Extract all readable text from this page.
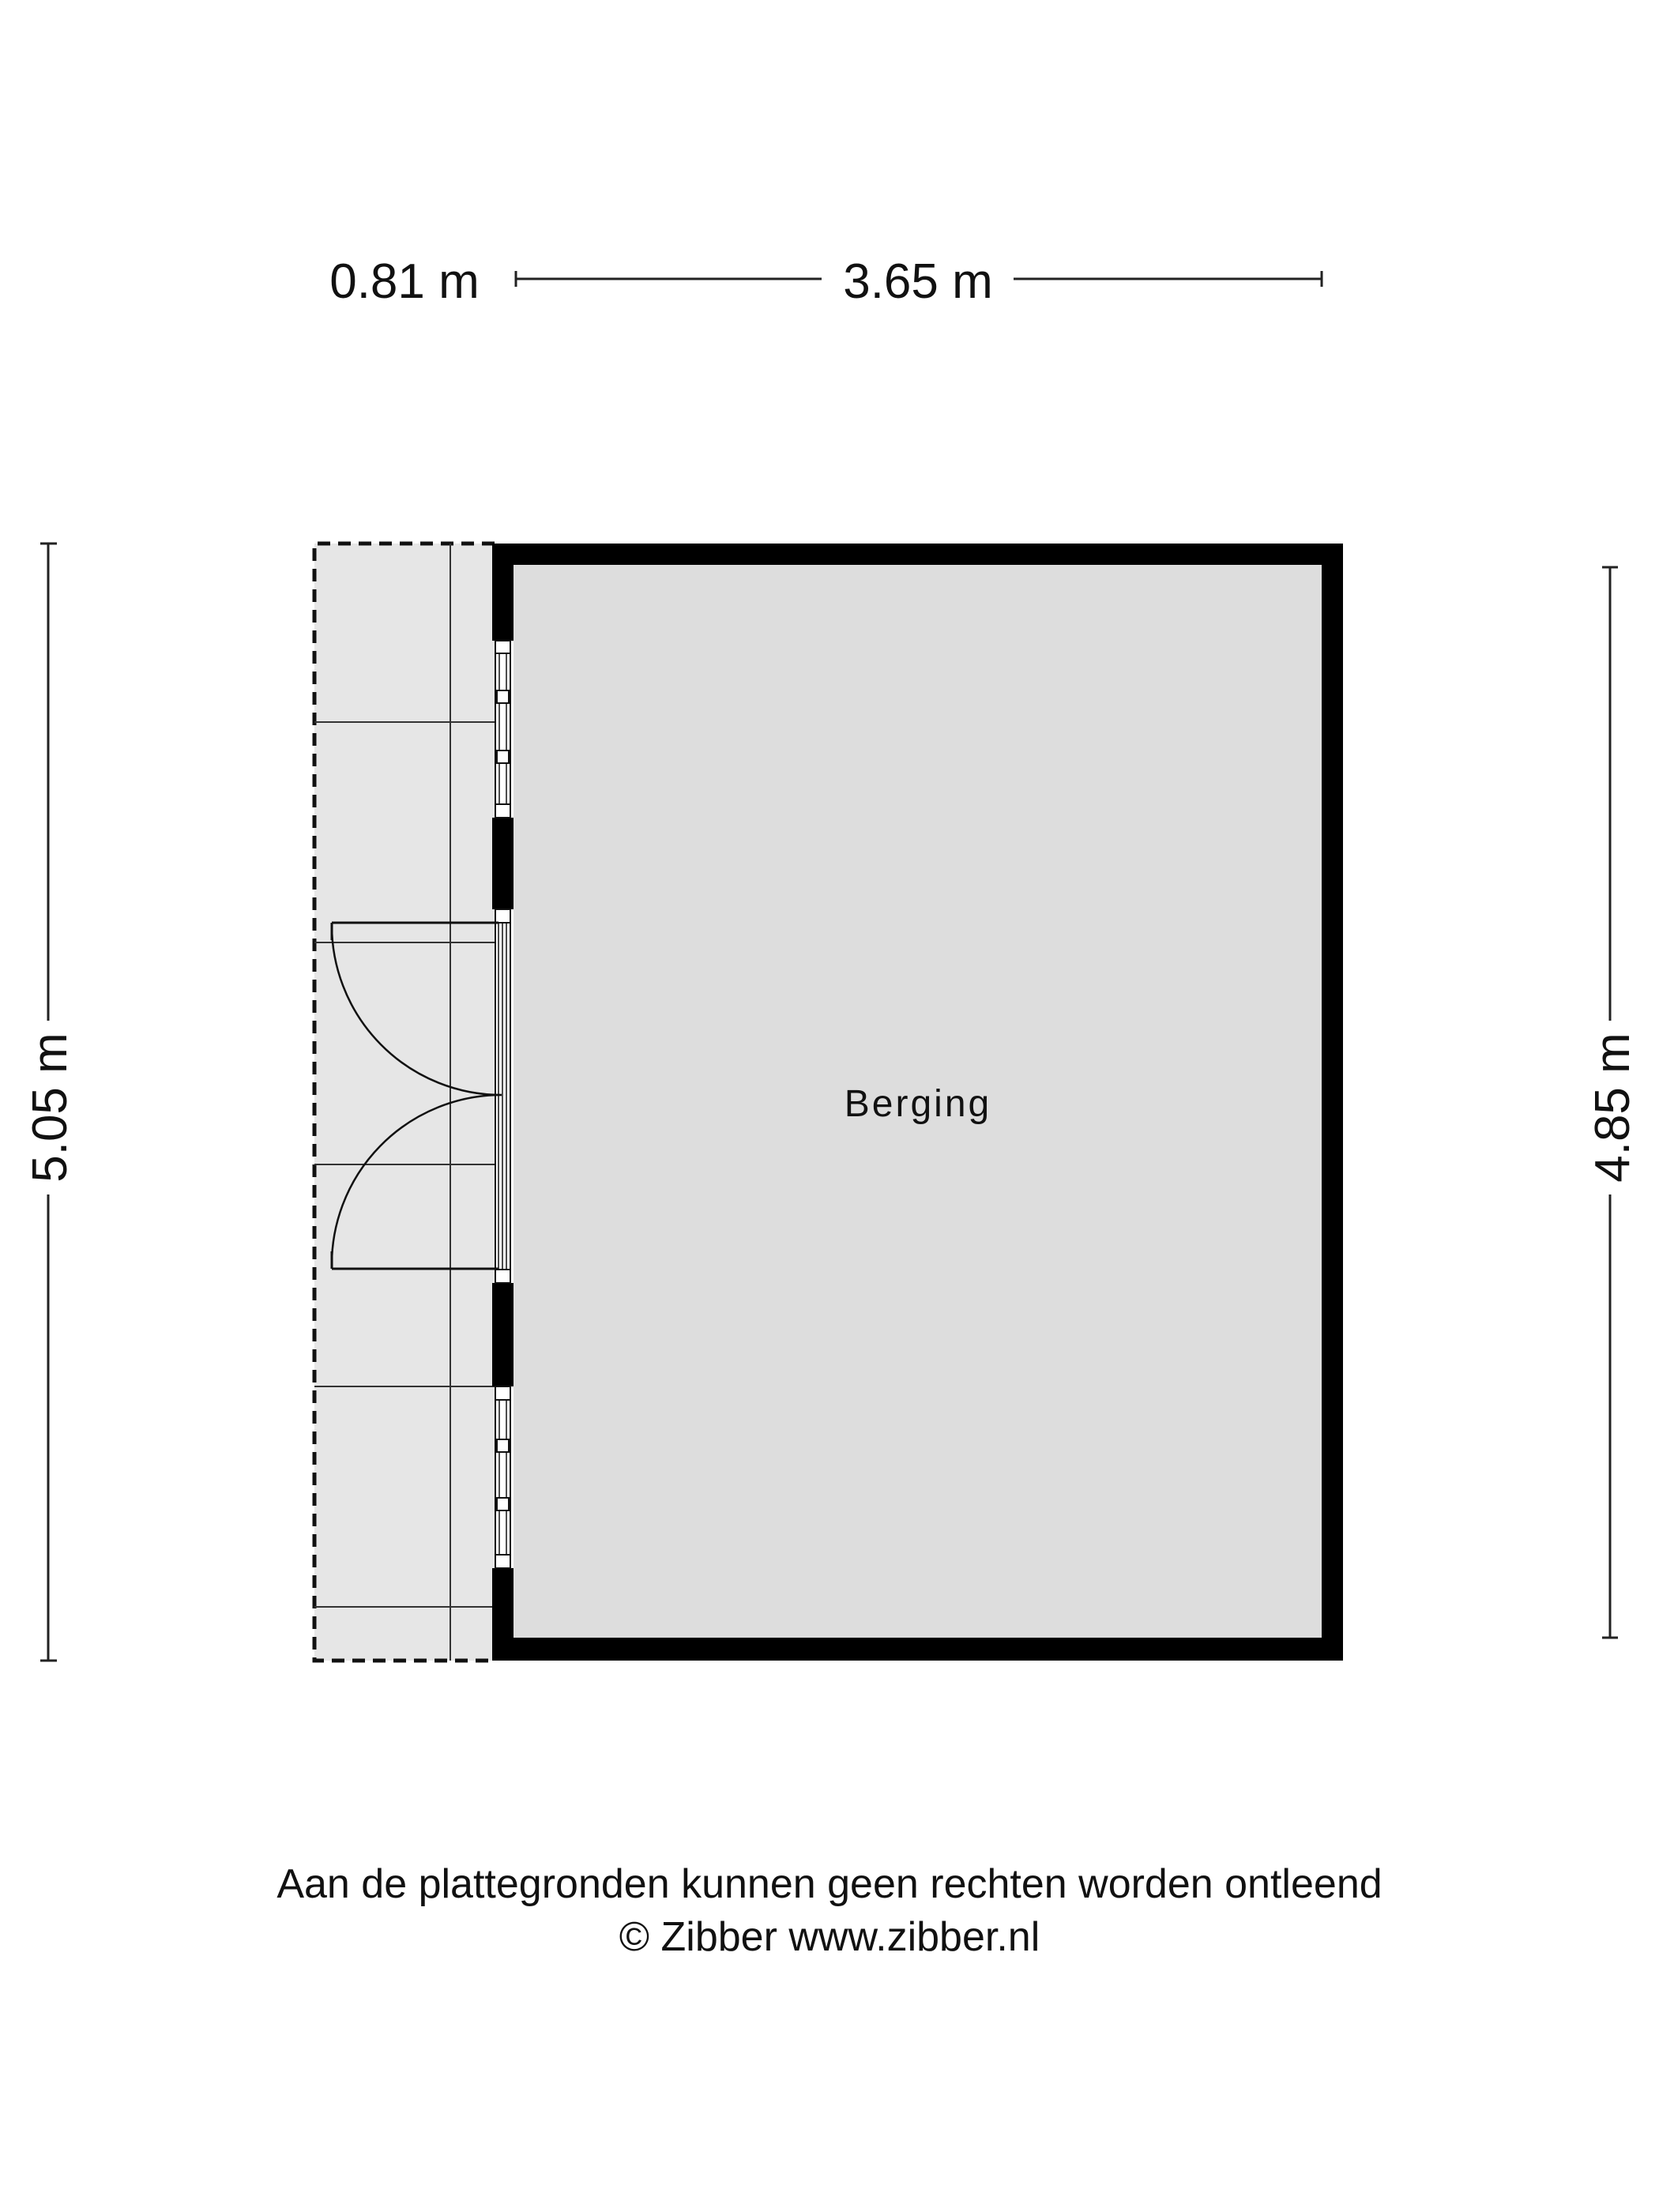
0.81 m	3.65 m
5.05 m	4.85 m
Berging
Aan de plattegronden kunnen geen rechten worden ontleend
© Zibber www.zibber.nl
